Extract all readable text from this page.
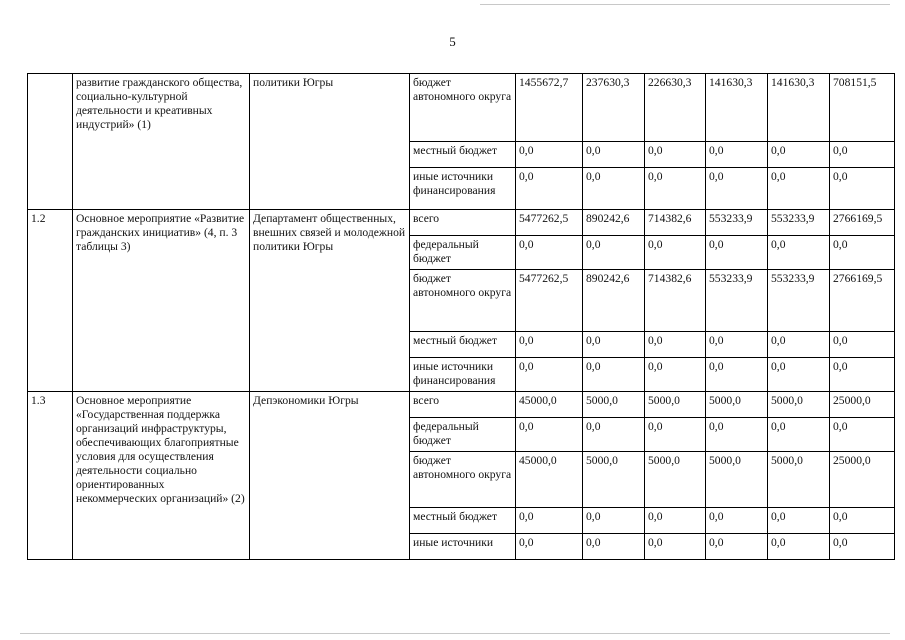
5
	развитие гражданского общества, социально-культурной деятельности и креативных индустрий» (1)	политики Югры	бюджет автономного округа	1455672,7	237630,3	226630,3	141630,3	141630,3	708151,5
			местный бюджет	0,0	0,0	0,0	0,0	0,0	0,0
			иные источники финансирования	0,0	0,0	0,0	0,0	0,0	0,0
1.2	Основное мероприятие «Развитие гражданских инициатив» (4, п. 3 таблицы 3)	Департамент общественных, внешних связей и молодежной политики Югры	всего	5477262,5	890242,6	714382,6	553233,9	553233,9	2766169,5
			федеральный бюджет	0,0	0,0	0,0	0,0	0,0	0,0
			бюджет автономного округа	5477262,5	890242,6	714382,6	553233,9	553233,9	2766169,5
			местный бюджет	0,0	0,0	0,0	0,0	0,0	0,0
			иные источники финансирования	0,0	0,0	0,0	0,0	0,0	0,0
1.3	Основное мероприятие «Государственная поддержка организаций инфраструктуры, обеспечивающих благоприятные условия для осуществления деятельности социально ориентированных некоммерческих организаций» (2)	Депэкономики Югры	всего	45000,0	5000,0	5000,0	5000,0	5000,0	25000,0
			федеральный бюджет	0,0	0,0	0,0	0,0	0,0	0,0
			бюджет автономного округа	45000,0	5000,0	5000,0	5000,0	5000,0	25000,0
			местный бюджет	0,0	0,0	0,0	0,0	0,0	0,0
			иные источники	0,0	0,0	0,0	0,0	0,0	0,0
